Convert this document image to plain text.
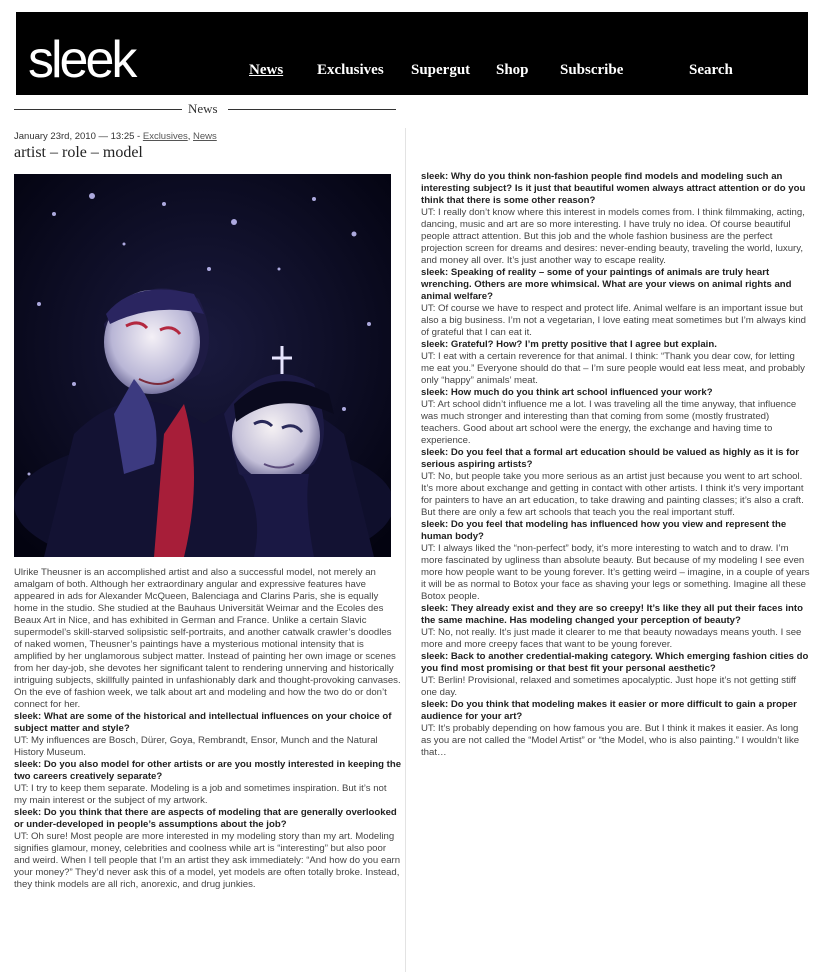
sleek	News Exclusives Supergut Shop Subscribe	Search
News
January 23rd, 2010 — 13:25 - Exclusives, News
artist – role – model

Ulrike Theusner is an accomplished artist and also a successful model, not merely an amalgam of both. Although her extraordinary angular and expressive features have appeared in ads for Alexander McQueen, Balenciaga and Clarins Paris, she is equally home in the studio. She studied at the Bauhaus Universität Weimar and the Ecoles des Beaux Art in Nice, and has exhibited in German and France. Unlike a certain Slavic supermodel’s skill-starved solipsistic self-portraits, and another catwalk crawler’s doodles of naked women, Theusner’s paintings have a mysterious motional intensity that is amplified by her unglamorous subject matter. Instead of painting her own image or scenes from her day-job, she devotes her significant talent to rendering unnerving and historically intriguing subjects, skillfully painted in unfashionably dark and thought-provoking canvases. On the eve of fashion week, we talk about art and modeling and how the two do or don’t connect for her.

sleek: What are some of the historical and intellectual influences on your choice of subject matter and style?

UT: My influences are Bosch, Dürer, Goya, Rembrandt, Ensor, Munch and the Natural History Museum.

sleek: Do you also model for other artists or are you mostly interested in keeping the two careers creatively separate?

UT: I try to keep them separate. Modeling is a job and sometimes inspiration. But it’s not my main interest or the subject of my artwork.

sleek: Do you think that there are aspects of modeling that are generally overlooked or under-developed in people’s assumptions about the job?

UT: Oh sure! Most people are more interested in my modeling story than my art. Modeling signifies glamour, money, celebrities and coolness while art is “interesting” but also poor and weird. When I tell people that I’m an artist they ask immediately: “And how do you earn your money?” They’d never ask this of a model, yet models are often totally broke. Instead, they think models are all rich, anorexic, and drug junkies.

sleek: Why do you think non-fashion people find models and modeling such an interesting subject? Is it just that beautiful women always attract attention or do you think that there is some other reason?

UT: I really don’t know where this interest in models comes from. I think filmmaking, acting, dancing, music and art are so more interesting. I have truly no idea. Of course beautiful people attract attention. But this job and the whole fashion business are the perfect projection screen for dreams and desires: never-ending beauty, traveling the world, luxury, and money all over. It’s just another way to escape reality.

sleek: Speaking of reality – some of your paintings of animals are truly heart wrenching. Others are more whimsical. What are your views on animal rights and animal welfare?

UT: Of course we have to respect and protect life. Animal welfare is an important issue but also a big business. I’m not a vegetarian, I love eating meat sometimes but I’m always kind of grateful that I can eat it.

sleek: Grateful? How? I’m pretty positive that I agree but explain.

UT: I eat with a certain reverence for that animal. I think: “Thank you dear cow, for letting me eat you.” Everyone should do that – I’m sure people would eat less meat, and probably only “happy” animals’ meat.

sleek: How much do you think art school influenced your work?

UT: Art school didn’t influence me a lot. I was traveling all the time anyway, that influence was much stronger and interesting than that coming from some (mostly frustrated) teachers. Good about art school were the energy, the exchange and having time to experience.

sleek: Do you feel that a formal art education should be valued as highly as it is for serious aspiring artists?

UT: No, but people take you more serious as an artist just because you went to art school. It’s more about exchange and getting in contact with other artists. I think it’s very important for painters to have an art education, to take drawing and painting classes; it’s also a craft. But there are only a few art schools that teach you the real important stuff.

sleek: Do you feel that modeling has influenced how you view and represent the human body?

UT: I always liked the “non-perfect” body, it’s more interesting to watch and to draw. I’m more fascinated by ugliness than absolute beauty. But because of my modeling I see even more how people want to be young forever. It’s getting weird – imagine, in a couple of years it will be as normal to Botox your face as shaving your legs or something. Imagine all these Botox people.

sleek: They already exist and they are so creepy! It’s like they all put their faces into the same machine. Has modeling changed your perception of beauty?

UT: No, not really. It’s just made it clearer to me that beauty nowadays means youth. I see more and more creepy faces that want to be young forever.

sleek: Back to another credential-making category. Which emerging fashion cities do you find most promising or that best fit your personal aesthetic?

UT: Berlin! Provisional, relaxed and sometimes apocalyptic. Just hope it’s not getting stiff one day.

sleek: Do you think that modeling makes it easier or more difficult to gain a proper audience for your art?

UT: It’s probably depending on how famous you are. But I think it makes it easier. As long as you are not called the “Model Artist” or “the Model, who is also painting.” I wouldn’t like that…
